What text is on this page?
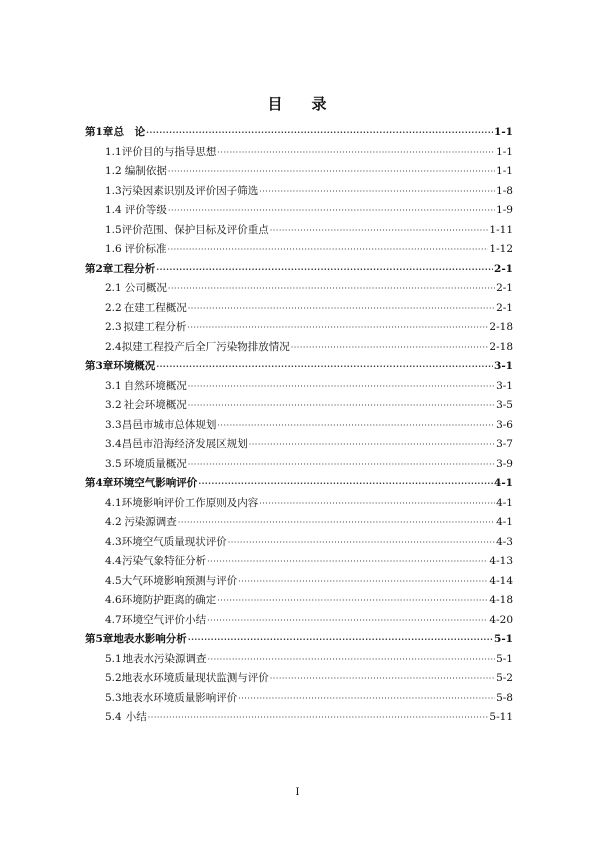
目 录
第1章 总　论 ·····	1-1
1.1 评价目的与指导思想 ·····	1-1
1.2 编制依据 ·····	1-1
1.3 污染因素识别及评价因子筛选 ·····	1-8
1.4 评价等级 ·····	1-9
1.5 评价范围、保护目标及评价重点 ·····	1-11
1.6 评价标准 ·····	1-12
第2章 工程分析 ·····	2-1
2.1 公司概况 ·····	2-1
2.2 在建工程概况 ·····	2-1
2.3 拟建工程分析 ·····	2-18
2.4 拟建工程投产后全厂污染物排放情况 ·····	2-18
第3章 环境概况 ·····	3-1
3.1 自然环境概况 ·····	3-1
3.2 社会环境概况 ·····	3-5
3.3 昌邑市城市总体规划 ·····	3-6
3.4 昌邑市沿海经济发展区规划 ·····	3-7
3.5 环境质量概况 ·····	3-9
第4章 环境空气影响评价 ·····	4-1
4.1 环境影响评价工作原则及内容 ·····	4-1
4.2 污染源调查 ·····	4-1
4.3 环境空气质量现状评价 ·····	4-3
4.4 污染气象特征分析 ·····	4-13
4.5 大气环境影响预测与评价 ·····	4-14
4.6 环境防护距离的确定 ·····	4-18
4.7 环境空气评价小结 ·····	4-20
第5章 地表水影响分析 ·····	5-1
5.1 地表水污染源调查 ·····	5-1
5.2 地表水环境质量现状监测与评价 ·····	5-2
5.3 地表水环境质量影响评价 ·····	5-8
5.4 小结 ·····	5-11
I
